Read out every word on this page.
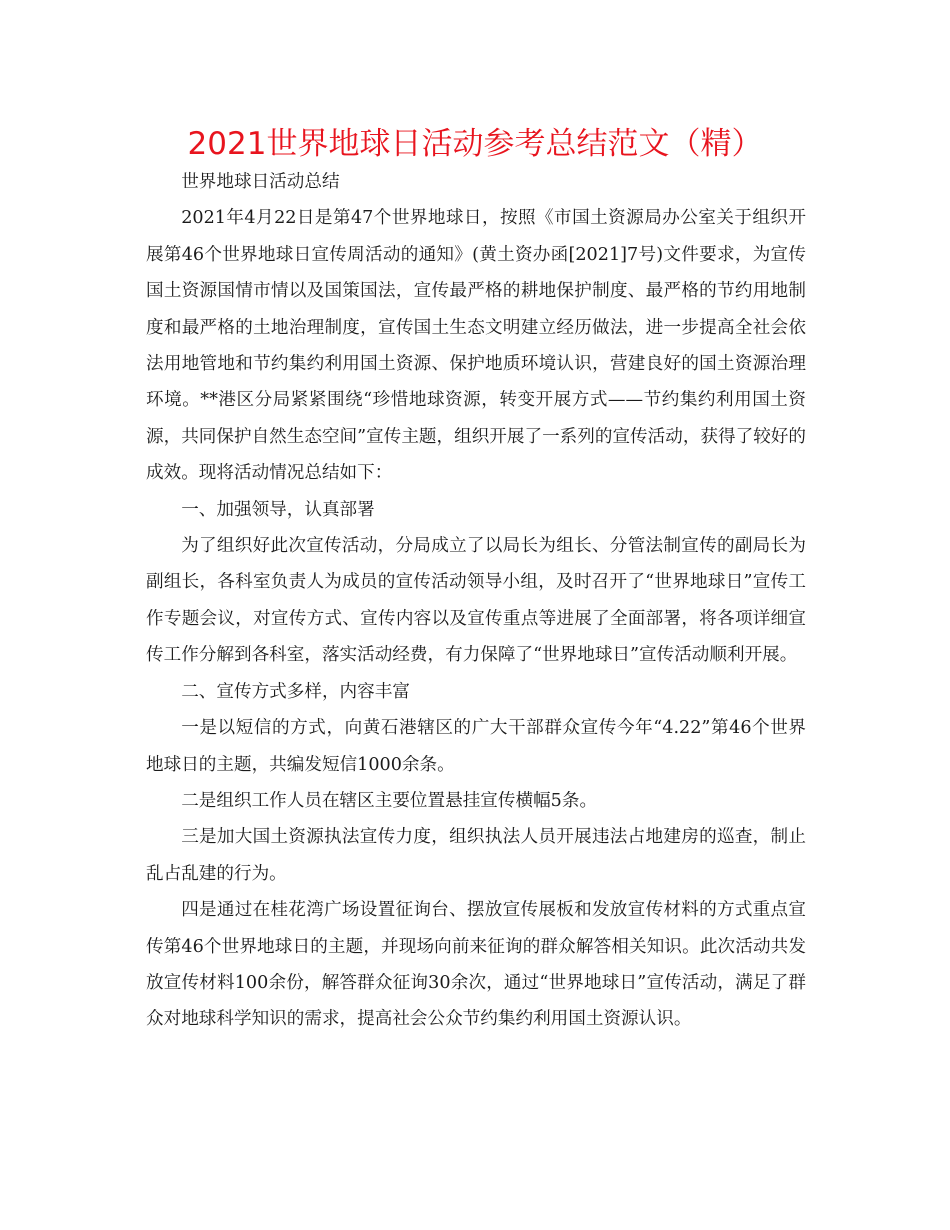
2021世界地球日活动参考总结范文（精）

世界地球日活动总结

2021年4月22日是第47个世界地球日，按照《市国土资源局办公室关于组织开展第46个世界地球日宣传周活动的通知》(黄土资办函[2021]7号)文件要求，为宣传国土资源国情市情以及国策国法，宣传最严格的耕地保护制度、最严格的节约用地制度和最严格的土地治理制度，宣传国土生态文明建立经历做法，进一步提高全社会依法用地管地和节约集约利用国土资源、保护地质环境认识，营建良好的国土资源治理环境。**港区分局紧紧围绕“珍惜地球资源，转变开展方式——节约集约利用国土资源，共同保护自然生态空间”宣传主题，组织开展了一系列的宣传活动，获得了较好的成效。现将活动情况总结如下：

一、加强领导，认真部署

为了组织好此次宣传活动，分局成立了以局长为组长、分管法制宣传的副局长为副组长，各科室负责人为成员的宣传活动领导小组，及时召开了“世界地球日”宣传工作专题会议，对宣传方式、宣传内容以及宣传重点等进展了全面部署，将各项详细宣传工作分解到各科室，落实活动经费，有力保障了“世界地球日”宣传活动顺利开展。

二、宣传方式多样，内容丰富

一是以短信的方式，向黄石港辖区的广大干部群众宣传今年“4.22”第46个世界地球日的主题，共编发短信1000余条。

二是组织工作人员在辖区主要位置悬挂宣传横幅5条。

三是加大国土资源执法宣传力度，组织执法人员开展违法占地建房的巡查，制止乱占乱建的行为。

四是通过在桂花湾广场设置征询台、摆放宣传展板和发放宣传材料的方式重点宣传第46个世界地球日的主题，并现场向前来征询的群众解答相关知识。此次活动共发放宣传材料100余份，解答群众征询30余次，通过“世界地球日”宣传活动，满足了群众对地球科学知识的需求，提高社会公众节约集约利用国土资源认识。
